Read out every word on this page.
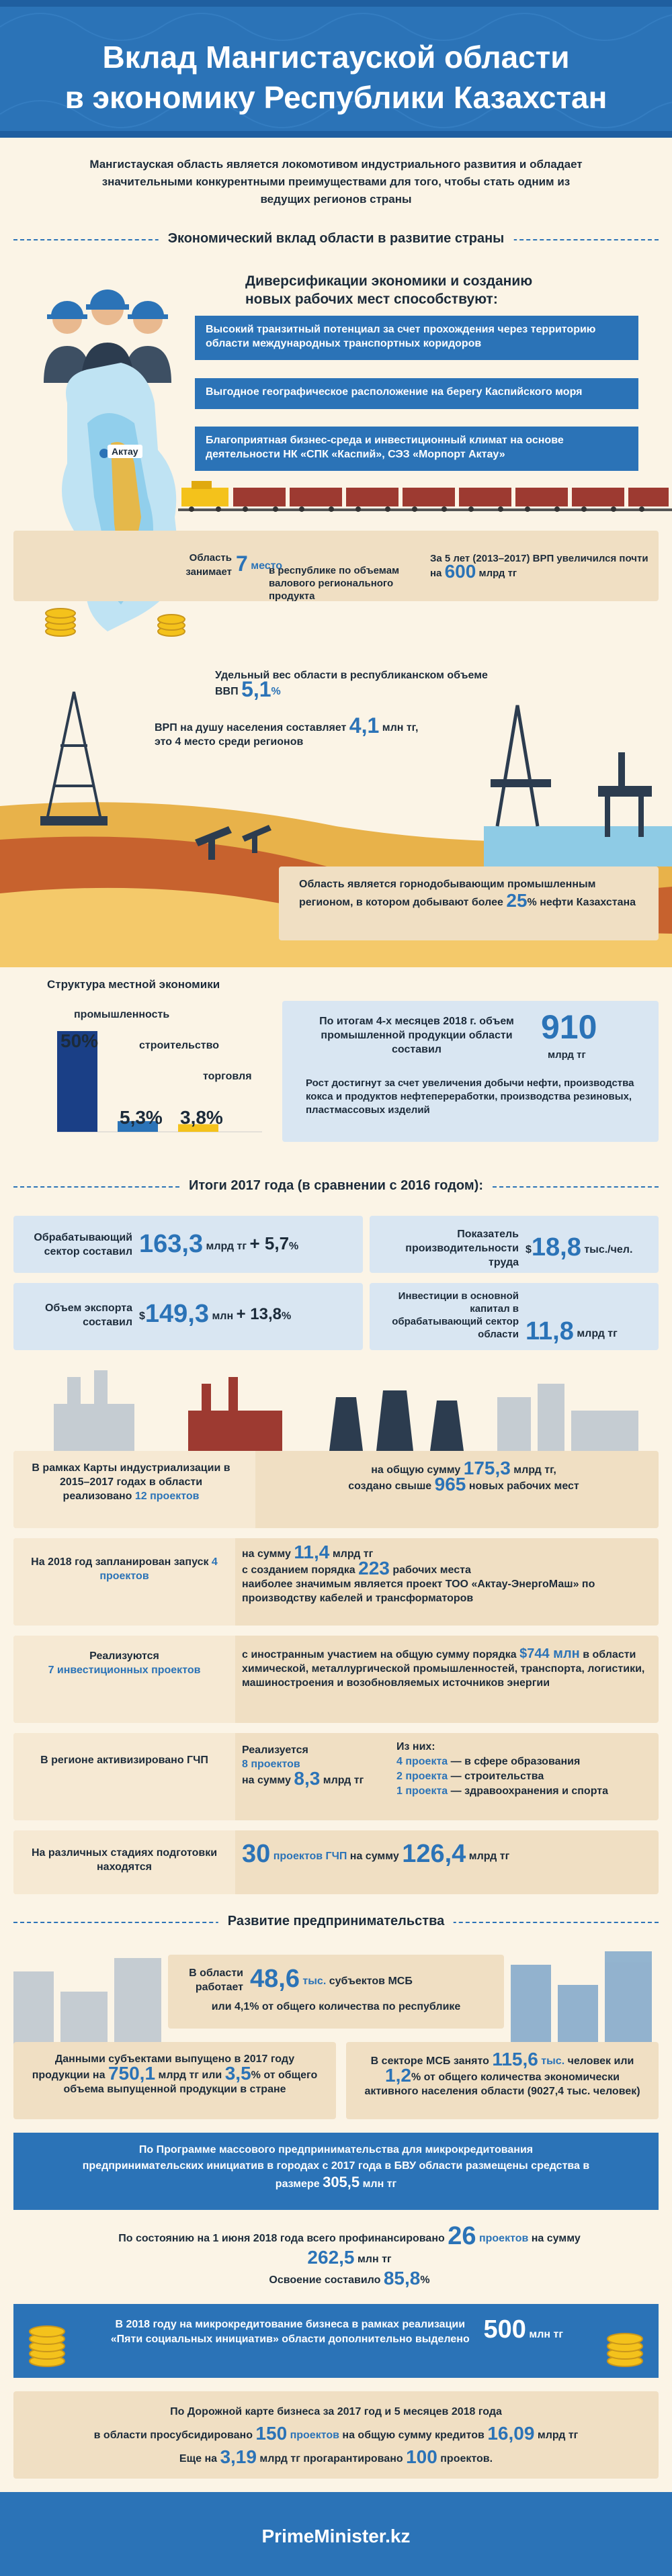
Вклад Мангистауской области
в экономику Республики Казахстан
Мангистауская область является локомотивом индустриального развития и обладает значительными конкурентными преимуществами для того, чтобы стать одним из ведущих регионов страны
Экономический вклад области в развитие страны
Диверсификации экономики и созданию новых рабочих мест способствуют:
Высокий транзитный потенциал за счет прохождения через территорию области международных транспортных коридоров
Выгодное географическое расположение на берегу Каспийского моря
Благоприятная бизнес-среда и инвестиционный климат на основе деятельности НК «СПК «Каспий», СЭЗ «Морпорт Актау»
Актау
Область занимает	7 место
в республике по объемам валового регионального продукта
За 5 лет (2013–2017) ВРП увеличился почти на 600 млрд тг
Удельный вес области в республиканском объеме ВВП 5,1%
ВРП на душу населения составляет 4,1 млн тг,
это 4 место среди регионов
Область является горнодобывающим промышленным регионом, в котором добывают более 25% нефти Казахстана
Структура местной экономики
промышленность
строительство
торговля
50%
5,3% 3,8%
По итогам 4-х месяцев 2018 г. объем промышленной продукции области составил
910
млрд тг
Рост достигнут за счет увеличения добычи нефти, производства кокса и продуктов нефтепереработки, производства резиновых, пластмассовых изделий
Итоги 2017 года (в сравнении с 2016 годом):
Обрабатывающий сектор составил	163,3 млрд тг + 5,7%
Показатель производительности труда	$18,8 тыс./чел.
Объем экспорта составил	$149,3 млн + 13,8%
Инвестиции в основной капитал в обрабатывающий сектор области	11,8 млрд тг
В рамках Карты индустриализации в 2015–2017 годах в области реализовано 12 проектов
на общую сумму 175,3 млрд тг,
создано свыше 965 новых рабочих мест
На 2018 год запланирован запуск 4 проектов
на сумму 11,4 млрд тг
с созданием порядка 223 рабочих места
наиболее значимым является проект ТОО «Актау-ЭнергоМаш» по производству кабелей и трансформаторов
Реализуются
7 инвестиционных проектов
с иностранным участием на общую сумму порядка $744 млн в области химической, металлургической промышленностей, транспорта, логистики, машиностроения и возобновляемых источников энергии
В регионе активизировано ГЧП
Реализуется
8 проектов
на сумму 8,3 млрд тг
Из них:
4 проекта — в сфере образования
2 проекта — строительства
1 проекта — здравоохранения и спорта
На различных стадиях подготовки находятся	30 проектов ГЧП на сумму 126,4 млрд тг
Развитие предпринимательства
В области работает	48,6 тыс. субъектов МСБ
или 4,1% от общего количества по республике
Данными субъектами выпущено в 2017 году продукции на 750,1 млрд тг или 3,5% от общего объема выпущенной продукции в стране
В секторе МСБ занято 115,6 тыс. человек или 1,2% от общего количества экономически активного населения области (9027,4 тыс. человек)
По Программе массового предпринимательства для микрокредитования предпринимательских инициатив в городах с 2017 года в БВУ области размещены средства в размере 305,5 млн тг
По состоянию на 1 июня 2018 года всего профинансировано 26 проектов на сумму 262,5 млн тг
Освоение составило 85,8%
В 2018 году на микрокредитование бизнеса в рамках реализации «Пяти социальных инициатив» области дополнительно выделено	500 млн тг
По Дорожной карте бизнеса за 2017 год и 5 месяцев 2018 года
в области просубсидировано 150 проектов на общую сумму кредитов 16,09 млрд тг
Еще на 3,19 млрд тг прогарантировано 100 проектов.
PrimeMinister.kz
